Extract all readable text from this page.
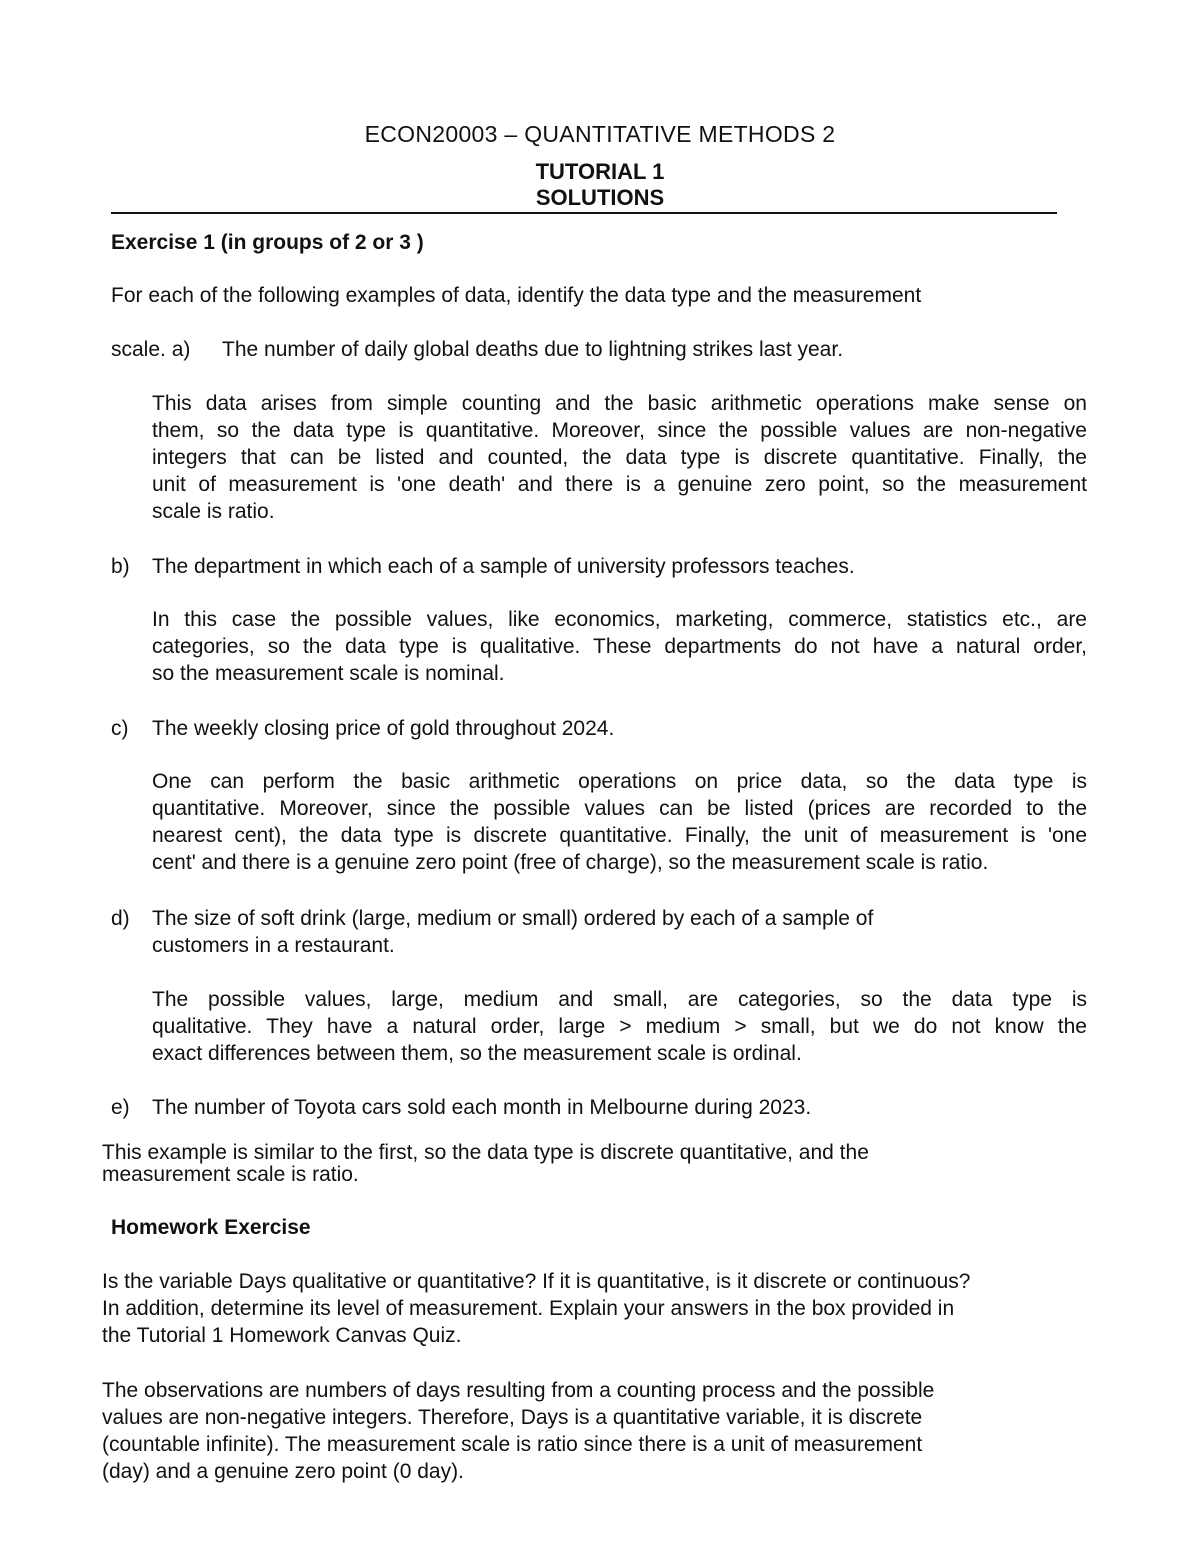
ECON20003 – QUANTITATIVE METHODS 2
TUTORIAL 1
SOLUTIONS
Exercise 1 (in groups of 2 or 3 )
For each of the following examples of data, identify the data type and the measurement
scale. a) The number of daily global deaths due to lightning strikes last year.
This data arises from simple counting and the basic arithmetic operations make sense on
them, so the data type is quantitative. Moreover, since the possible values are non-negative
integers that can be listed and counted, the data type is discrete quantitative. Finally, the
unit of measurement is 'one death' and there is a genuine zero point, so the measurement
scale is ratio.
b) The department in which each of a sample of university professors teaches.
In this case the possible values, like economics, marketing, commerce, statistics etc., are
categories, so the data type is qualitative. These departments do not have a natural order,
so the measurement scale is nominal.
c) The weekly closing price of gold throughout 2024.
One can perform the basic arithmetic operations on price data, so the data type is
quantitative. Moreover, since the possible values can be listed (prices are recorded to the
nearest cent), the data type is discrete quantitative. Finally, the unit of measurement is 'one
cent' and there is a genuine zero point (free of charge), so the measurement scale is ratio.
d) The size of soft drink (large, medium or small) ordered by each of a sample of
customers in a restaurant.
The possible values, large, medium and small, are categories, so the data type is
qualitative. They have a natural order, large > medium > small, but we do not know the
exact differences between them, so the measurement scale is ordinal.
e) The number of Toyota cars sold each month in Melbourne during 2023.
This example is similar to the first, so the data type is discrete quantitative, and the
measurement scale is ratio.
Homework Exercise
Is the variable Days qualitative or quantitative? If it is quantitative, is it discrete or continuous?
In addition, determine its level of measurement. Explain your answers in the box provided in
the Tutorial 1 Homework Canvas Quiz.
The observations are numbers of days resulting from a counting process and the possible
values are non-negative integers. Therefore, Days is a quantitative variable, it is discrete
(countable infinite). The measurement scale is ratio since there is a unit of measurement
(day) and a genuine zero point (0 day).
